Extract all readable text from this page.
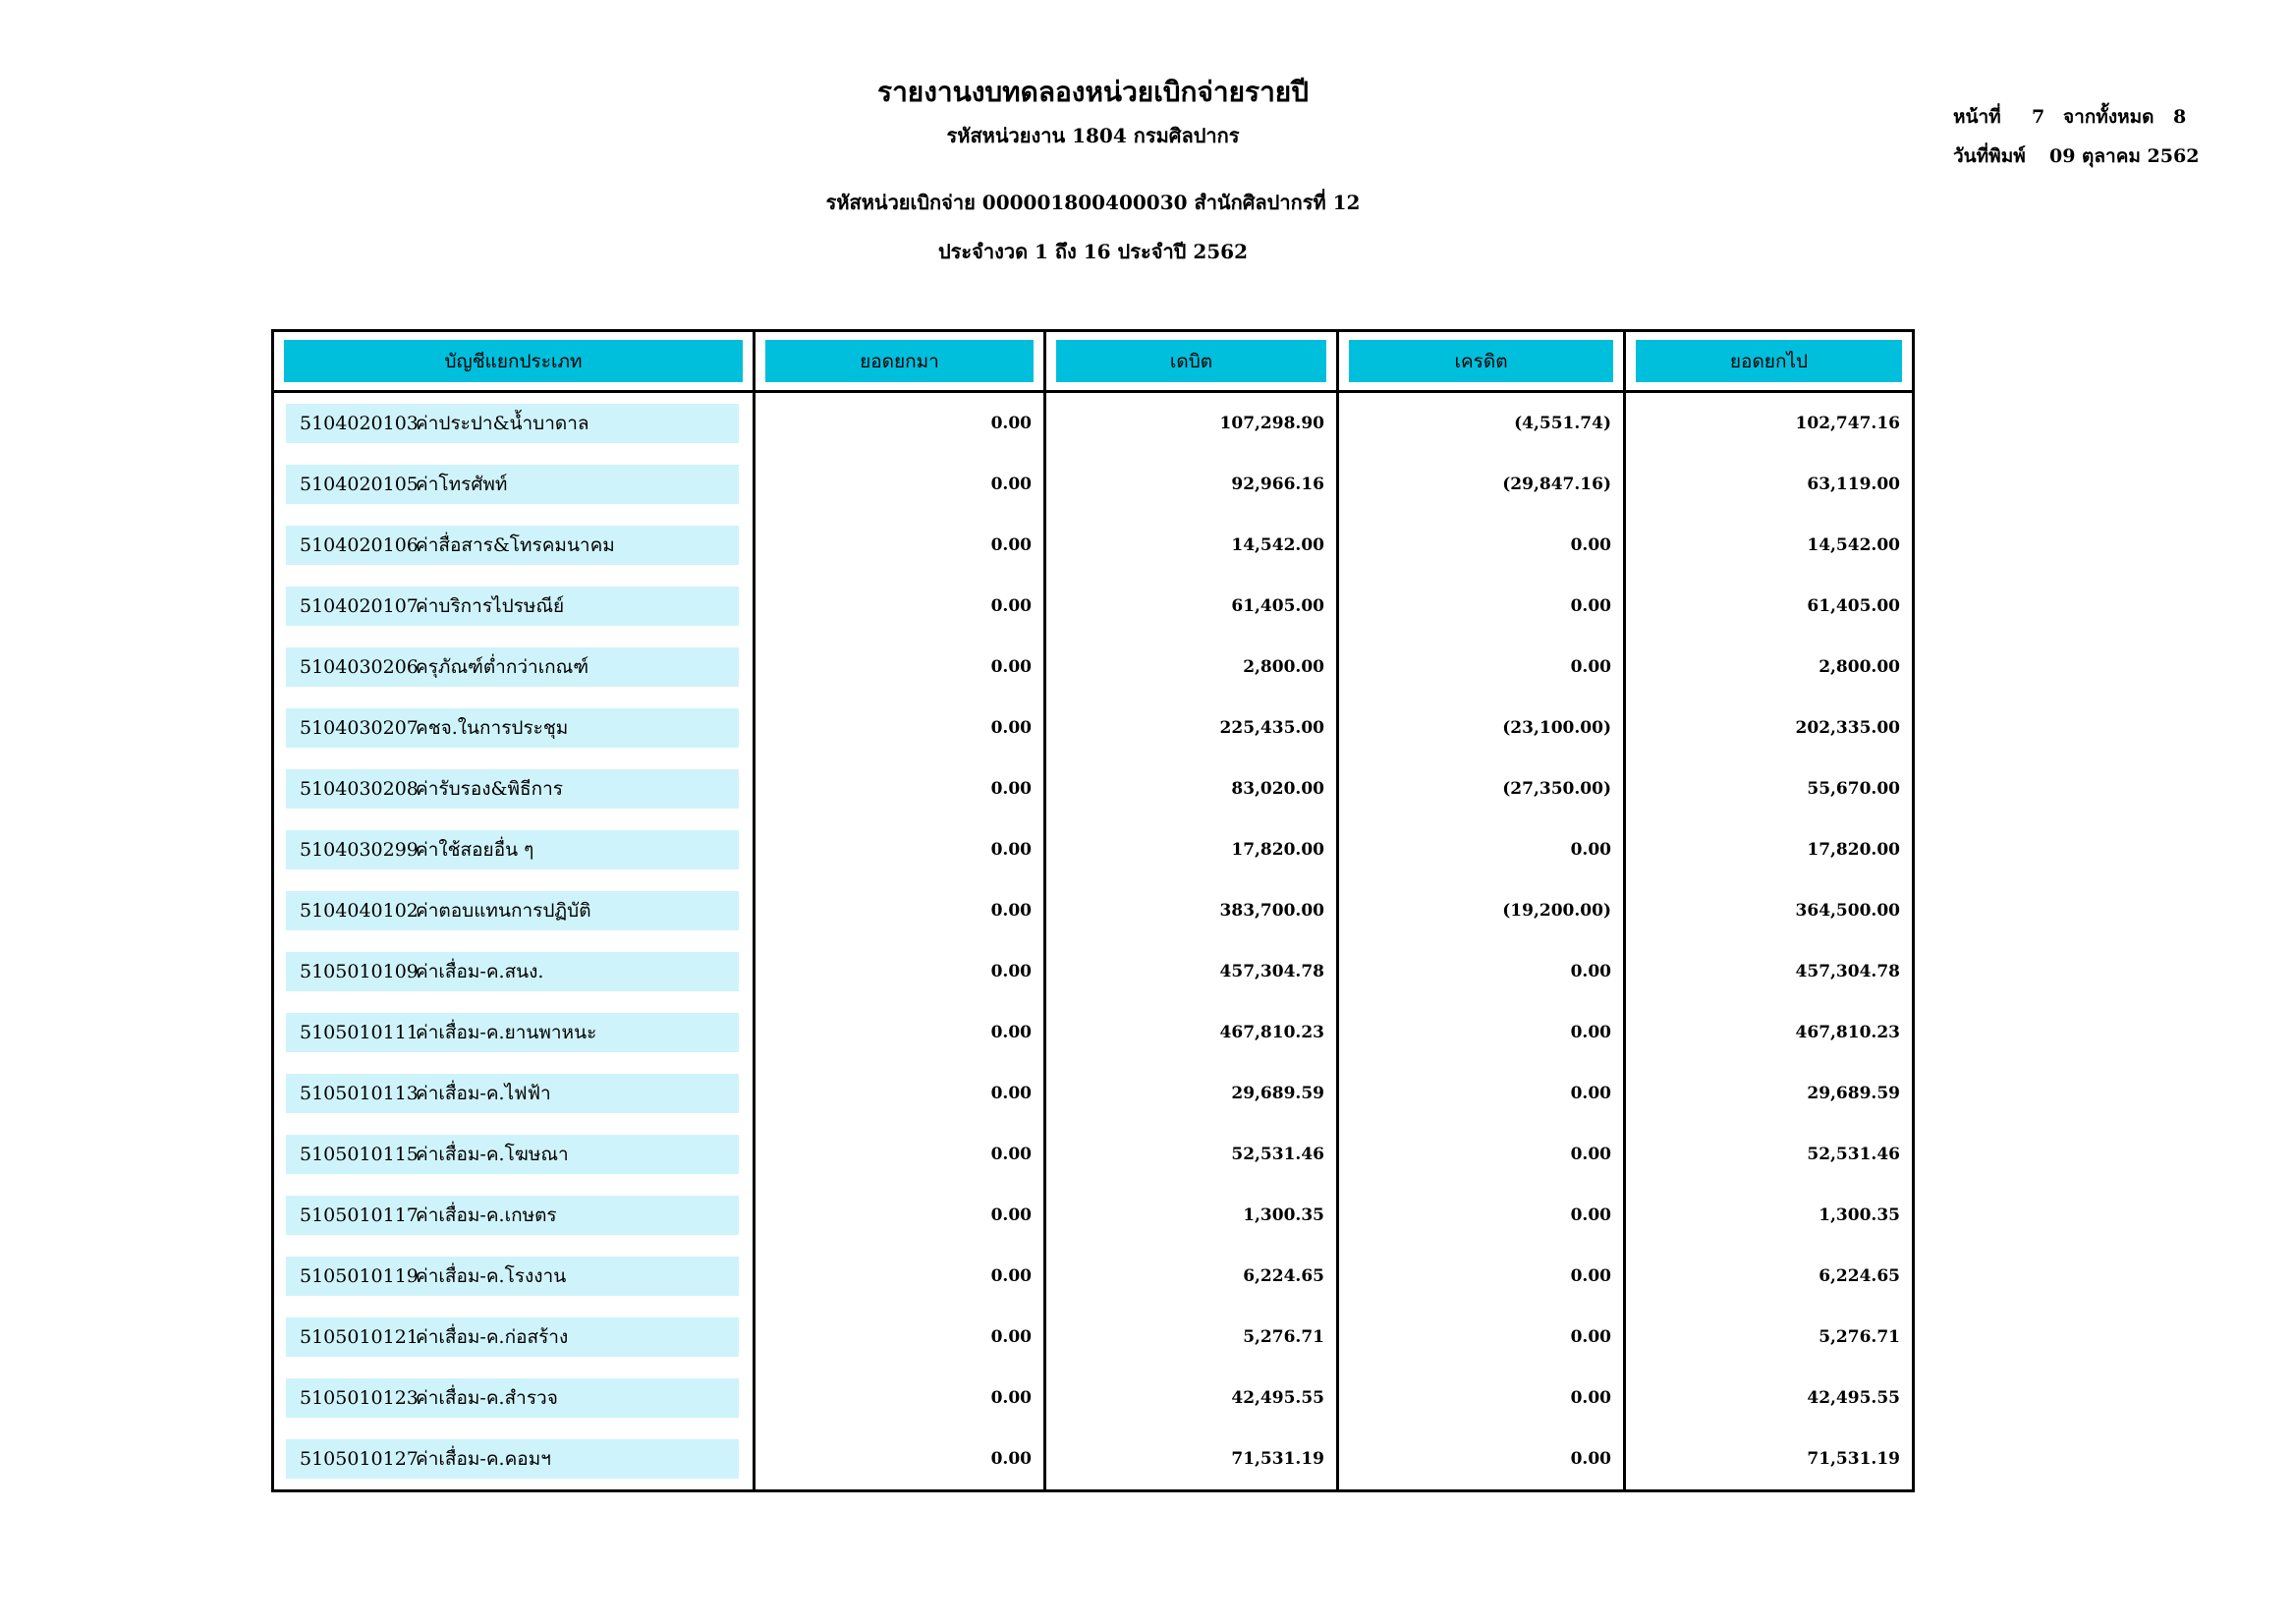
รายงานงบทดลองหน่วยเบิกจ่ายรายปี
รหัสหน่วยงาน 1804 กรมศิลปากร
รหัสหน่วยเบิกจ่าย 000001800400030 สำนักศิลปากรที่ 12
ประจำงวด 1 ถึง 16 ประจำปี 2562
หน้าที่	7 จากทั้งหมด	8
วันที่พิมพ์	09 ตุลาคม 2562
บัญชีแยกประเภท	ยอดยกมา	เดบิต	เครดิต	ยอดยกไป
5104020103
ค่าประปา&น้ำบาดาล	0.00	107,298.90	(4,551.74)	102,747.16
5104020105
ค่าโทรศัพท์	0.00	92,966.16	(29,847.16)	63,119.00
5104020106
ค่าสื่อสาร&โทรคมนาคม	0.00	14,542.00	0.00	14,542.00
5104020107
ค่าบริการไปรษณีย์	0.00	61,405.00	0.00	61,405.00
5104030206
ครุภัณฑ์ต่ำกว่าเกณฑ์	0.00	2,800.00	0.00	2,800.00
5104030207
คชจ.ในการประชุม	0.00	225,435.00	(23,100.00)	202,335.00
5104030208
ค่ารับรอง&พิธีการ	0.00	83,020.00	(27,350.00)	55,670.00
5104030299
ค่าใช้สอยอื่น ๆ	0.00	17,820.00	0.00	17,820.00
5104040102
ค่าตอบแทนการปฏิบัติ	0.00	383,700.00	(19,200.00)	364,500.00
5105010109
ค่าเสื่อม-ค.สนง.	0.00	457,304.78	0.00	457,304.78
5105010111
ค่าเสื่อม-ค.ยานพาหนะ	0.00	467,810.23	0.00	467,810.23
5105010113
ค่าเสื่อม-ค.ไฟฟ้า	0.00	29,689.59	0.00	29,689.59
5105010115
ค่าเสื่อม-ค.โฆษณา	0.00	52,531.46	0.00	52,531.46
5105010117
ค่าเสื่อม-ค.เกษตร	0.00	1,300.35	0.00	1,300.35
5105010119
ค่าเสื่อม-ค.โรงงาน	0.00	6,224.65	0.00	6,224.65
5105010121
ค่าเสื่อม-ค.ก่อสร้าง	0.00	5,276.71	0.00	5,276.71
5105010123
ค่าเสื่อม-ค.สำรวจ	0.00	42,495.55	0.00	42,495.55
5105010127
ค่าเสื่อม-ค.คอมฯ	0.00	71,531.19	0.00	71,531.19
